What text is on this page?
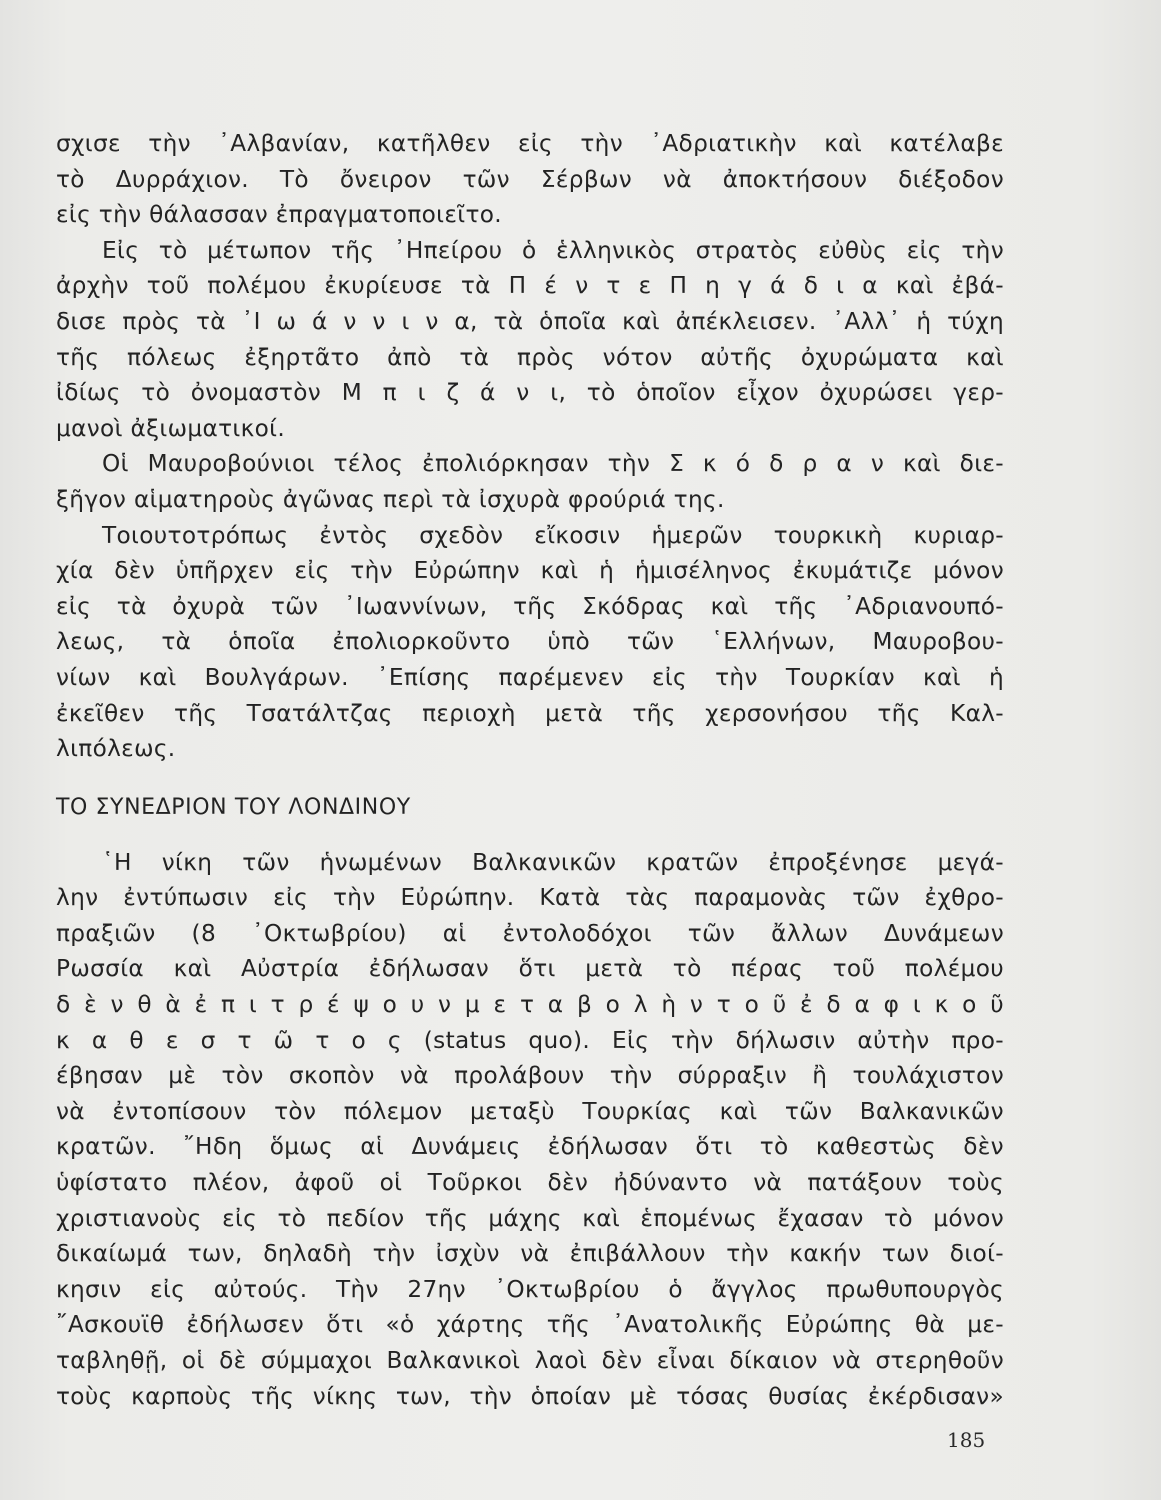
σχισε τὴν ᾿Αλβανίαν, κατῆλθεν εἰς τὴν ᾿Αδριατικὴν καὶ κατέλαβε
τὸ Δυρράχιον. Τὸ ὄνειρον τῶν Σέρβων νὰ ἀποκτήσουν διέξοδον
εἰς τὴν θάλασσαν ἐπραγματοποιεῖτο.

Εἰς τὸ μέτωπον τῆς ᾿Ηπείρου ὁ ἑλληνικὸς στρατὸς εὐθὺς εἰς τὴν
ἀρχὴν τοῦ πολέμου ἐκυρίευσε τὰ Π έ ν τ ε Π η γ ά δ ι α καὶ ἐβά-
δισε πρὸς τὰ ᾿Ι ω ά ν ν ι ν α, τὰ ὁποῖα καὶ ἀπέκλεισεν. ᾿Αλλ᾿ ἡ τύχη
τῆς πόλεως ἐξηρτᾶτο ἀπὸ τὰ πρὸς νότον αὐτῆς ὀχυρώματα καὶ
ἰδίως τὸ ὀνομαστὸν Μ π ι ζ ά ν ι, τὸ ὁποῖον εἶχον ὀχυρώσει γερ-
μανοὶ ἀξιωματικοί.

Οἱ Μαυροβούνιοι τέλος ἐπολιόρκησαν τὴν Σ κ ό δ ρ α ν καὶ διε-
ξῆγον αἱματηροὺς ἀγῶνας περὶ τὰ ἰσχυρὰ φρούριά της.

Τοιουτοτρόπως ἐντὸς σχεδὸν εἴκοσιν ἡμερῶν τουρκικὴ κυριαρ-
χία δὲν ὑπῆρχεν εἰς τὴν Εὐρώπην καὶ ἡ ἡμισέληνος ἐκυμάτιζε μόνον
εἰς τὰ ὀχυρὰ τῶν ᾿Ιωαννίνων, τῆς Σκόδρας καὶ τῆς ᾿Αδριανουπό-
λεως, τὰ ὁποῖα ἐπολιορκοῦντο ὑπὸ τῶν ῾Ελλήνων, Μαυροβου-
νίων καὶ Βουλγάρων. ᾿Επίσης παρέμενεν εἰς τὴν Τουρκίαν καὶ ἡ
ἐκεῖθεν τῆς Τσατάλτζας περιοχὴ μετὰ τῆς χερσονήσου τῆς Καλ-
λιπόλεως.

ΤΟ ΣΥΝΕΔΡΙΟΝ ΤΟΥ ΛΟΝΔΙΝΟΥ

῾Η νίκη τῶν ἡνωμένων Βαλκανικῶν κρατῶν ἐπροξένησε μεγά-
λην ἐντύπωσιν εἰς τὴν Εὐρώπην. Κατὰ τὰς παραμονὰς τῶν ἐχθρο-
πραξιῶν (8 ᾿Οκτωβρίου) αἱ ἐντολοδόχοι τῶν ἄλλων Δυνάμεων
Ρωσσία καὶ Αὐστρία ἐδήλωσαν ὅτι μετὰ τὸ πέρας τοῦ πολέμου
δ ὲ ν θ ὰ ἐ π ι τ ρ έ ψ ο υ ν μ ε τ α β ο λ ὴ ν τ ο ῦ ἐ δ α φ ι κ ο ῦ
κ α θ ε σ τ ῶ τ ο ς (status quo). Εἰς τὴν δήλωσιν αὐτὴν προ-
έβησαν μὲ τὸν σκοπὸν νὰ προλάβουν τὴν σύρραξιν ἢ τουλάχιστον
νὰ ἐντοπίσουν τὸν πόλεμον μεταξὺ Τουρκίας καὶ τῶν Βαλκανικῶν
κρατῶν. ῎Ηδη ὅμως αἱ Δυνάμεις ἐδήλωσαν ὅτι τὸ καθεστὼς δὲν
ὑφίστατο πλέον, ἀφοῦ οἱ Τοῦρκοι δὲν ἠδύναντο νὰ πατάξουν τοὺς
χριστιανοὺς εἰς τὸ πεδίον τῆς μάχης καὶ ἑπομένως ἔχασαν τὸ μόνον
δικαίωμά των, δηλαδὴ τὴν ἰσχὺν νὰ ἐπιβάλλουν τὴν κακήν των διοί-
κησιν εἰς αὐτούς. Τὴν 27ην ᾿Οκτωβρίου ὁ ἄγγλος πρωθυπουργὸς
῎Ασκουϊθ ἐδήλωσεν ὅτι «ὁ χάρτης τῆς ᾿Ανατολικῆς Εὐρώπης θὰ με-
ταβληθῇ, οἱ δὲ σύμμαχοι Βαλκανικοὶ λαοὶ δὲν εἶναι δίκαιον νὰ στερηθοῦν
τοὺς καρποὺς τῆς νίκης των, τὴν ὁποίαν μὲ τόσας θυσίας ἐκέρδισαν»

185
